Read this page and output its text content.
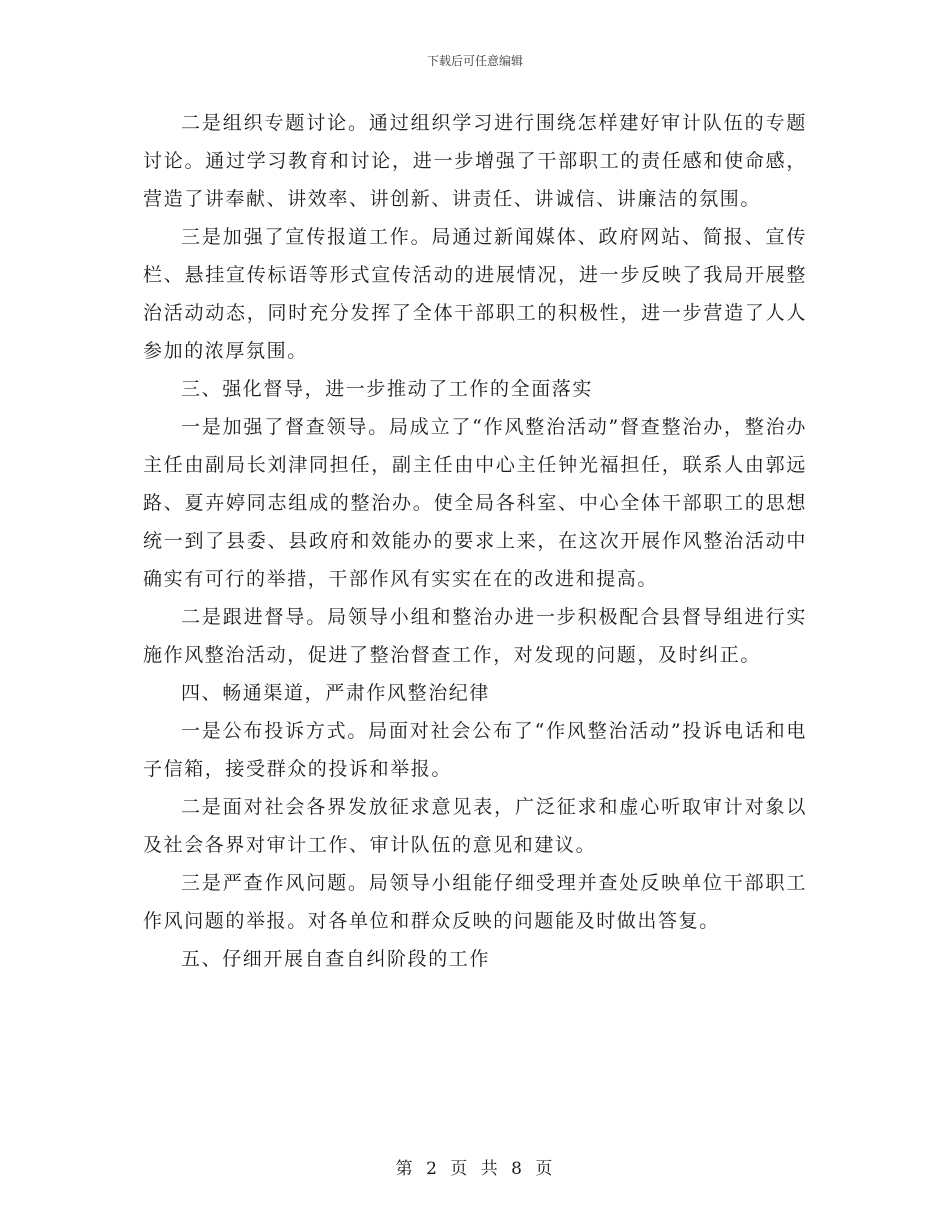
下载后可任意编辑

二是组织专题讨论。通过组织学习进行围绕怎样建好审计队伍的专题讨论。通过学习教育和讨论，进一步增强了干部职工的责任感和使命感，营造了讲奉献、讲效率、讲创新、讲责任、讲诚信、讲廉洁的氛围。

三是加强了宣传报道工作。局通过新闻媒体、政府网站、简报、宣传栏、悬挂宣传标语等形式宣传活动的进展情况，进一步反映了我局开展整治活动动态，同时充分发挥了全体干部职工的积极性，进一步营造了人人参加的浓厚氛围。

三、强化督导，进一步推动了工作的全面落实

一是加强了督查领导。局成立了“作风整治活动”督查整治办，整治办主任由副局长刘津同担任，副主任由中心主任钟光福担任，联系人由郭远路、夏卉婷同志组成的整治办。使全局各科室、中心全体干部职工的思想统一到了县委、县政府和效能办的要求上来，在这次开展作风整治活动中确实有可行的举措，干部作风有实实在在的改进和提高。

二是跟进督导。局领导小组和整治办进一步积极配合县督导组进行实施作风整治活动，促进了整治督查工作，对发现的问题，及时纠正。

四、畅通渠道，严肃作风整治纪律

一是公布投诉方式。局面对社会公布了“作风整治活动”投诉电话和电子信箱，接受群众的投诉和举报。

二是面对社会各界发放征求意见表，广泛征求和虚心听取审计对象以及社会各界对审计工作、审计队伍的意见和建议。

三是严查作风问题。局领导小组能仔细受理并查处反映单位干部职工作风问题的举报。对各单位和群众反映的问题能及时做出答复。

五、仔细开展自查自纠阶段的工作

第 2 页 共 8 页
